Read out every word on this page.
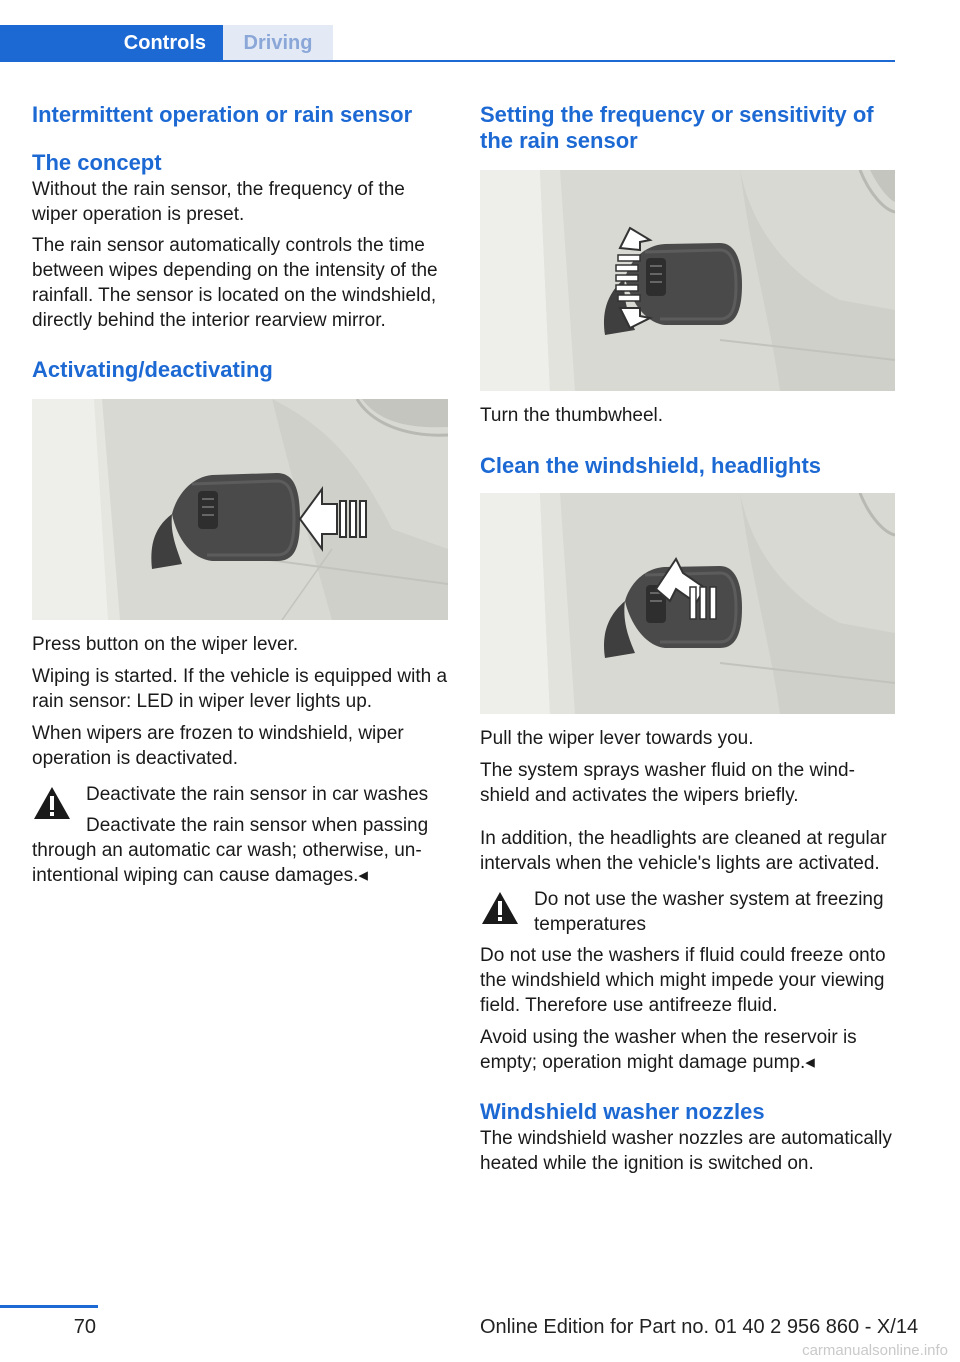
Controls	Driving
Intermittent operation or rain sensor
The concept

Without the rain sensor, the frequency of the wiper operation is preset.

The rain sensor automatically controls the time between wipes depending on the intensity of the rainfall. The sensor is located on the windshield, directly behind the interior rearview mirror.

Activating/deactivating

Press button on the wiper lever.

Wiping is started. If the vehicle is equipped with a rain sensor: LED in wiper lever lights up.

When wipers are frozen to windshield, wiper operation is deactivated.

Deactivate the rain sensor in car washes

Deactivate the rain sensor when passing through an automatic car wash; otherwise, unintentional wiping can cause damages.◂

Setting the frequency or sensitivity of the rain sensor

Turn the thumbwheel.

Clean the windshield, headlights

Pull the wiper lever towards you.

The system sprays washer fluid on the windshield and activates the wipers briefly.

In addition, the headlights are cleaned at regular intervals when the vehicle's lights are activated.

Do not use the washer system at freezing temperatures

Do not use the washers if fluid could freeze onto the windshield which might impede your viewing field. Therefore use antifreeze fluid.

Avoid using the washer when the reservoir is empty; operation might damage pump.◂

Windshield washer nozzles

The windshield washer nozzles are automatically heated while the ignition is switched on.

70	Online Edition for Part no. 01 40 2 956 860 - X/14
carmanualsonline.info
